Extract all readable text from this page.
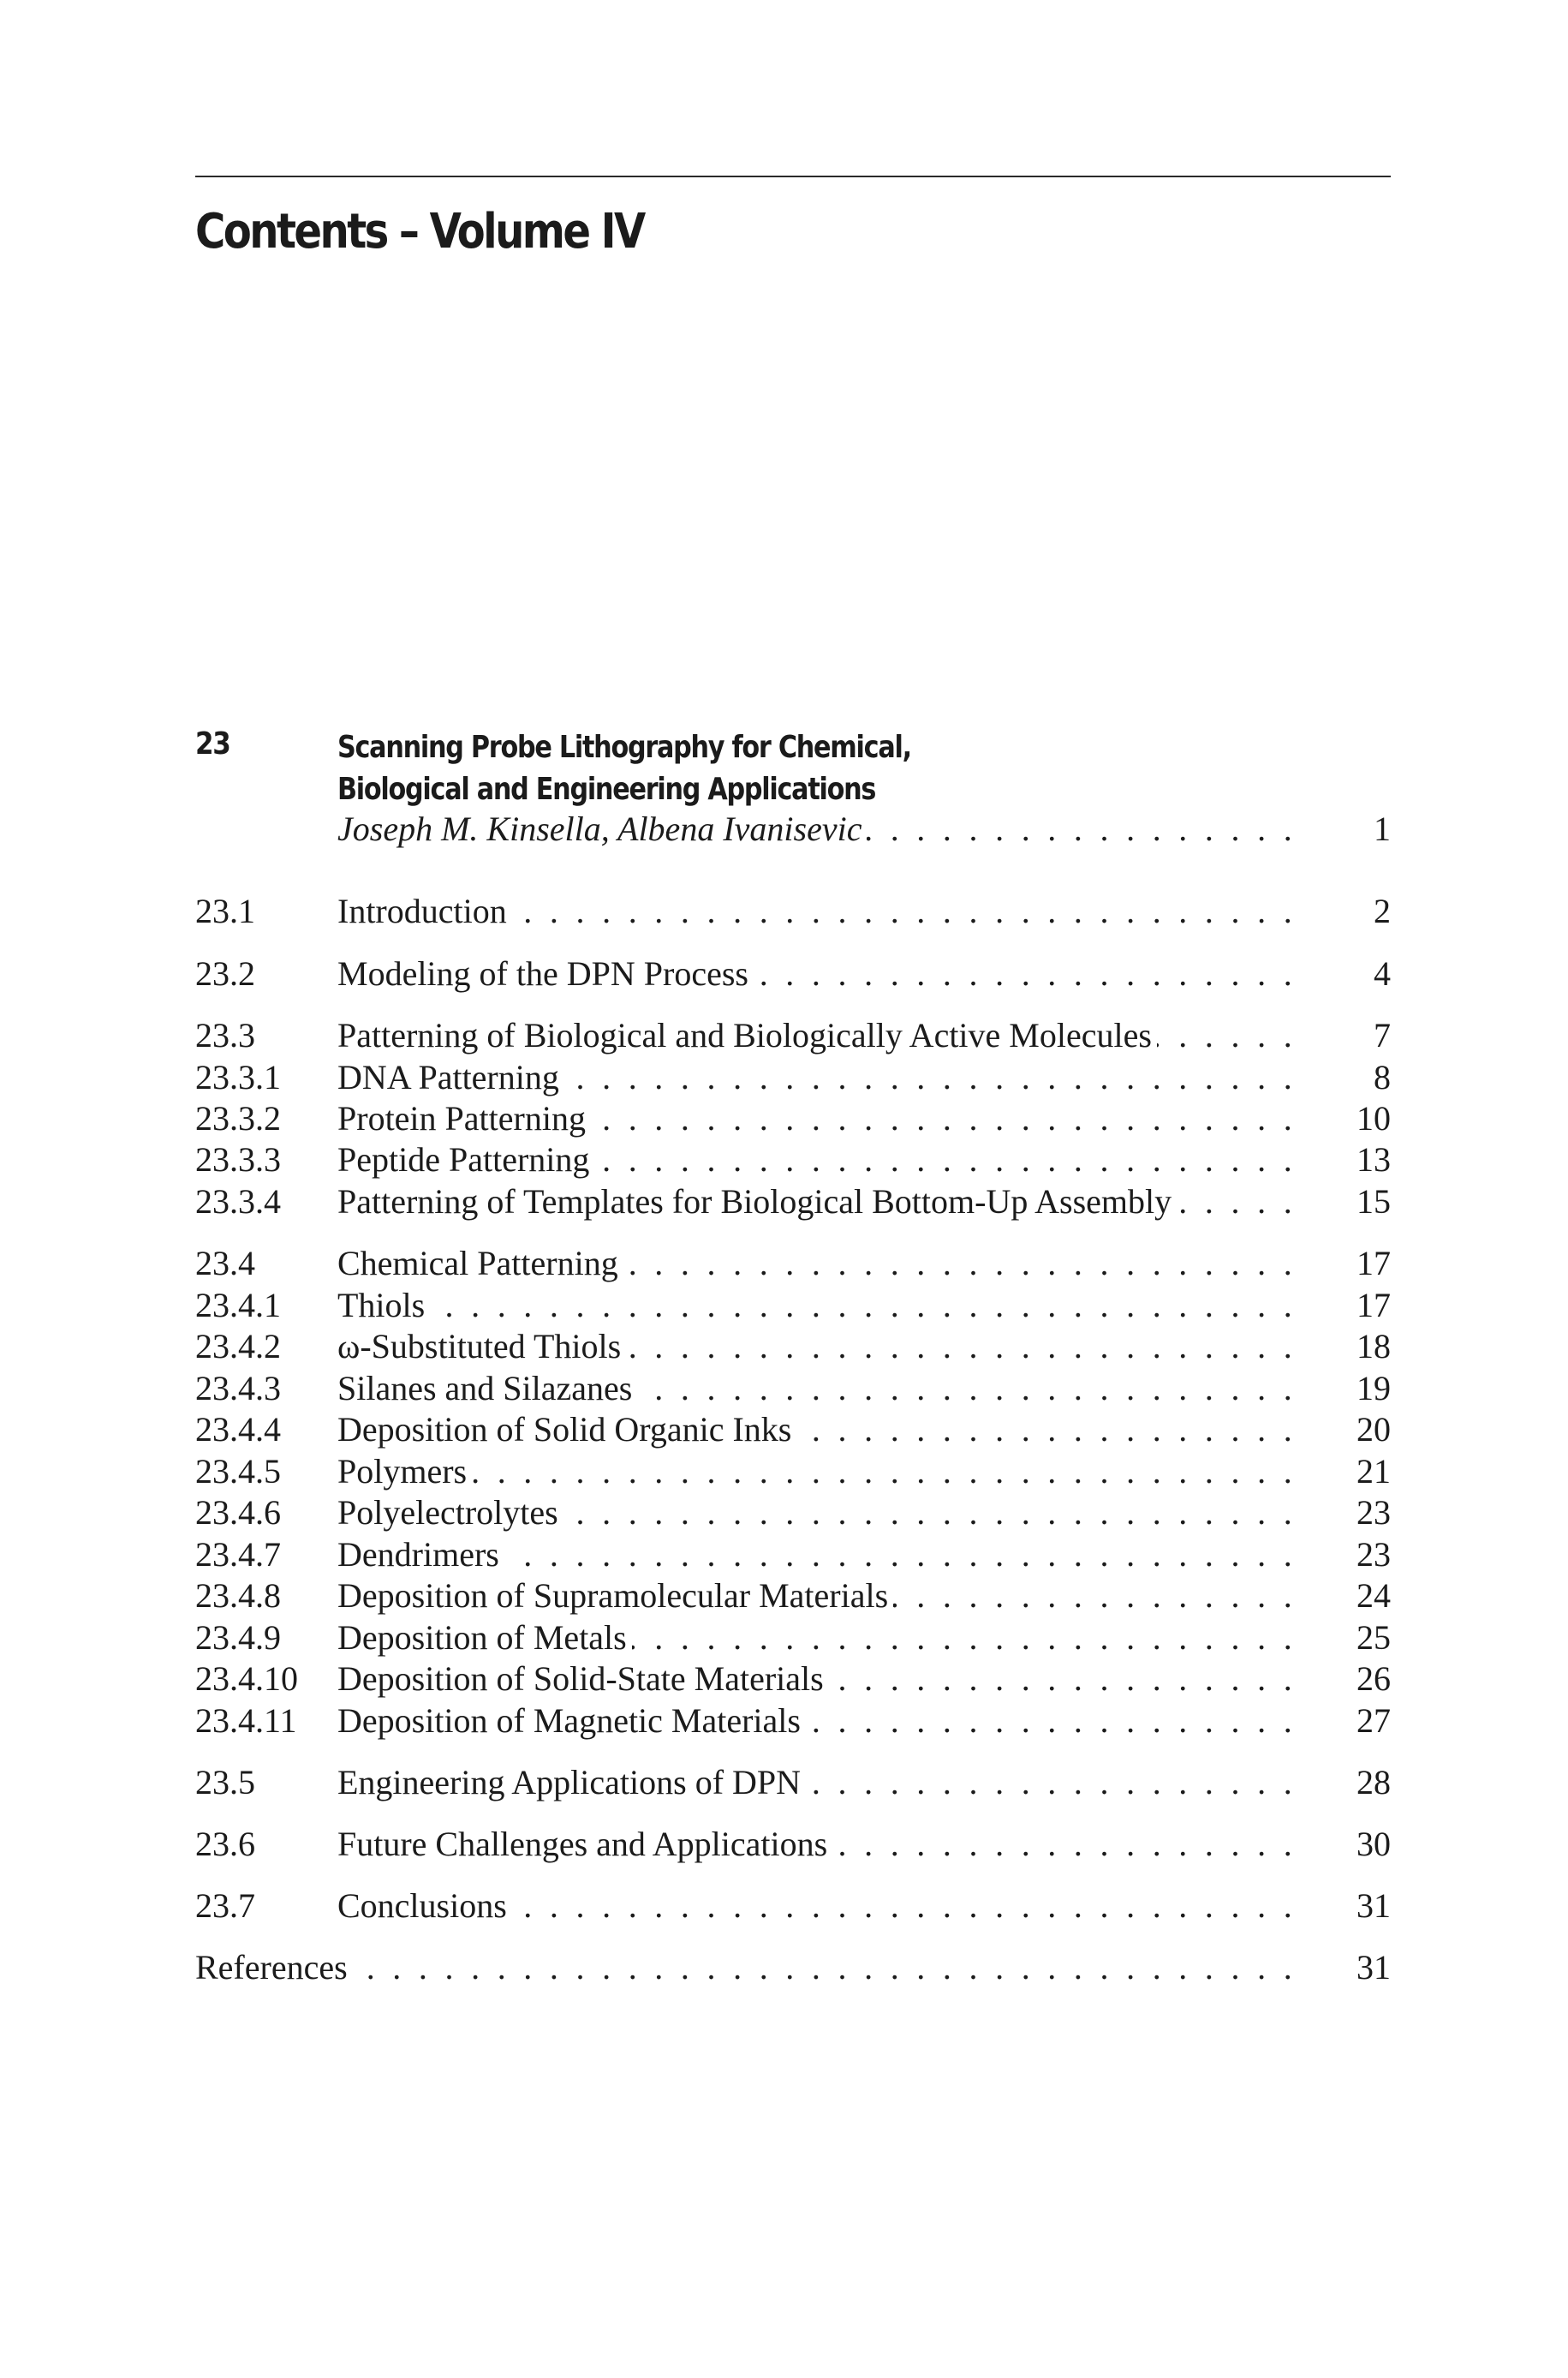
Contents – Volume IV
23	Scanning Probe Lithography for Chemical,
Biological and Engineering Applications
Joseph M. Kinsella, Albena Ivanisevic . . .	1
23.1 Introduction . . .	2
23.2 Modeling of the DPN Process . . .	4
23.3 Patterning of Biological and Biologically Active Molecules . . .	7
23.3.1 DNA Patterning . . .	8
23.3.2 Protein Patterning . . .	10
23.3.3 Peptide Patterning . . .	13
23.3.4 Patterning of Templates for Biological Bottom-Up Assembly . . .	15
23.4 Chemical Patterning . . .	17
23.4.1 Thiols . . .	17
23.4.2 ω-Substituted Thiols . . .	18
23.4.3 Silanes and Silazanes . . .	19
23.4.4 Deposition of Solid Organic Inks . . .	20
23.4.5 Polymers . . .	21
23.4.6 Polyelectrolytes . . .	23
23.4.7 Dendrimers . . .	23
23.4.8 Deposition of Supramolecular Materials . . .	24
23.4.9 Deposition of Metals . . .	25
23.4.10 Deposition of Solid-State Materials . . .	26
23.4.11 Deposition of Magnetic Materials . . .	27
23.5 Engineering Applications of DPN . . .	28
23.6 Future Challenges and Applications . . .	30
23.7 Conclusions . . .	31
References . . .	31
